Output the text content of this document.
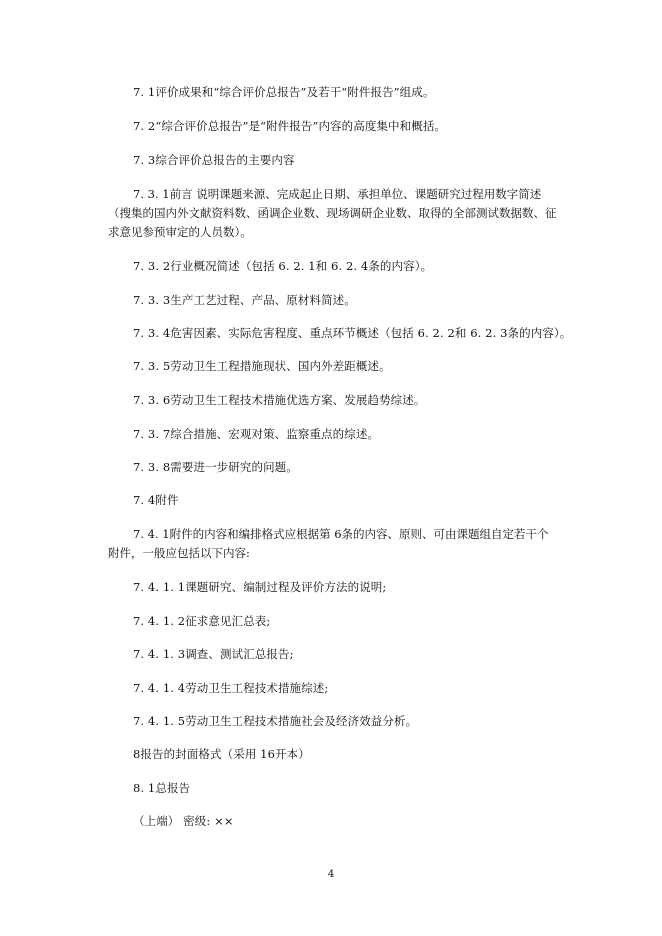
7. 1评价成果和“综合评价总报告”及若干“附件报告”组成。
7. 2“综合评价总报告”是“附件报告”内容的高度集中和概括。
7. 3综合评价总报告的主要内容
7. 3. 1前言 说明课题来源、完成起止日期、承担单位、课题研究过程用数字简述（搜集的国内外文献资料数、函调企业数、现场调研企业数、取得的全部测试数据数、征求意见参预审定的人员数）。
7. 3. 2行业概况简述（包括 6. 2. 1和 6. 2. 4条的内容）。
7. 3. 3生产工艺过程、产品、原材料简述。
7. 3. 4危害因素、实际危害程度、重点环节概述（包括 6. 2. 2和 6. 2. 3条的内容）。
7. 3. 5劳动卫生工程措施现状、国内外差距概述。
7. 3. 6劳动卫生工程技术措施优选方案、发展趋势综述。
7. 3. 7综合措施、宏观对策、监察重点的综述。
7. 3. 8需要进一步研究的问题。
7. 4附件
7. 4. 1附件的内容和编排格式应根据第 6条的内容、原则、可由课题组自定若干个附件，一般应包括以下内容:
7. 4. 1. 1课题研究、编制过程及评价方法的说明;
7. 4. 1. 2征求意见汇总表;
7. 4. 1. 3调查、测试汇总报告;
7. 4. 1. 4劳动卫生工程技术措施综述;
7. 4. 1. 5劳动卫生工程技术措施社会及经济效益分析。
8报告的封面格式（采用 16开本）
8. 1总报告
（上端） 密级: ××
4
